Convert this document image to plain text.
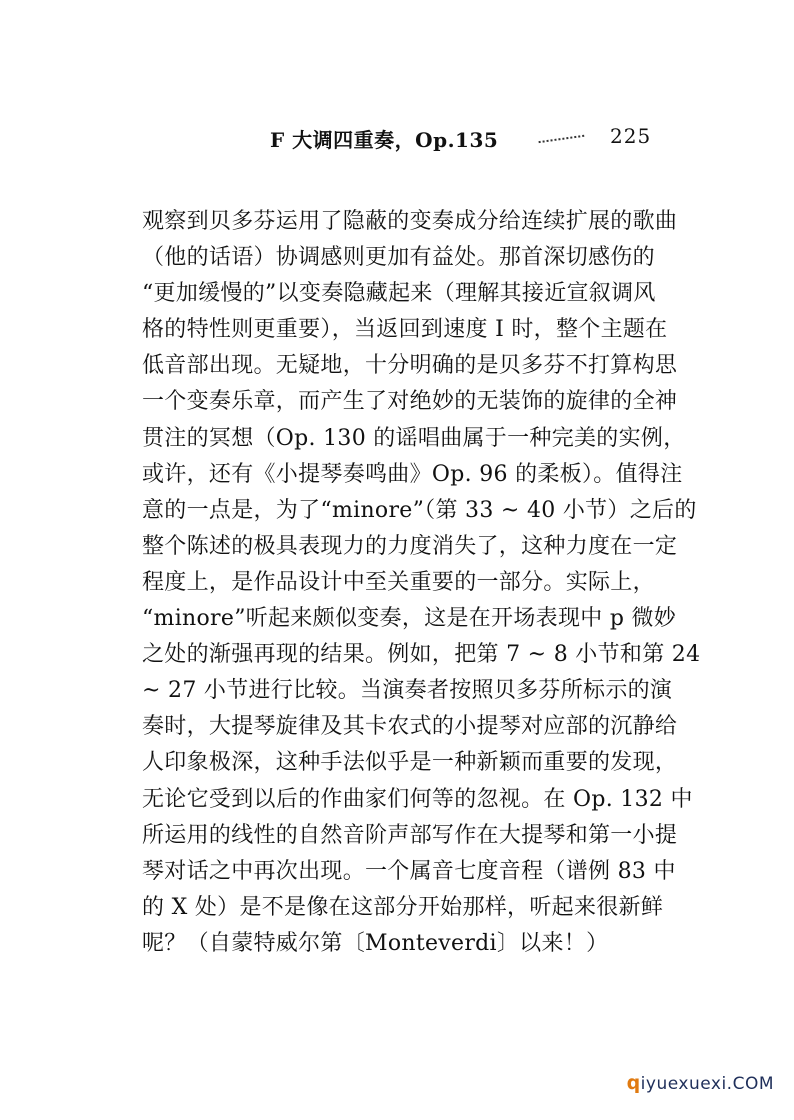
F 大调四重奏，Op.135	225
观察到贝多芬运用了隐蔽的变奏成分给连续扩展的歌曲
（他的话语）协调感则更加有益处。那首深切感伤的
“更加缓慢的”以变奏隐藏起来（理解其接近宣叙调风
格的特性则更重要），当返回到速度 I 时，整个主题在
低音部出现。无疑地，十分明确的是贝多芬不打算构思
一个变奏乐章，而产生了对绝妙的无装饰的旋律的全神
贯注的冥想（Op. 130 的谣唱曲属于一种完美的实例，
或许，还有《小提琴奏鸣曲》Op. 96 的柔板）。值得注
意的一点是，为了“minore”（第 33 ~ 40 小节）之后的
整个陈述的极具表现力的力度消失了，这种力度在一定
程度上，是作品设计中至关重要的一部分。实际上，
“minore”听起来颇似变奏，这是在开场表现中 p 微妙
之处的渐强再现的结果。例如，把第 7 ~ 8 小节和第 24
~ 27 小节进行比较。当演奏者按照贝多芬所标示的演
奏时，大提琴旋律及其卡农式的小提琴对应部的沉静给
人印象极深，这种手法似乎是一种新颖而重要的发现，
无论它受到以后的作曲家们何等的忽视。在 Op. 132 中
所运用的线性的自然音阶声部写作在大提琴和第一小提
琴对话之中再次出现。一个属音七度音程（谱例 83 中
的 X 处）是不是像在这部分开始那样，听起来很新鲜
呢？（自蒙特威尔第〔Monteverdi〕以来！）
qiyuexuexi.COM
